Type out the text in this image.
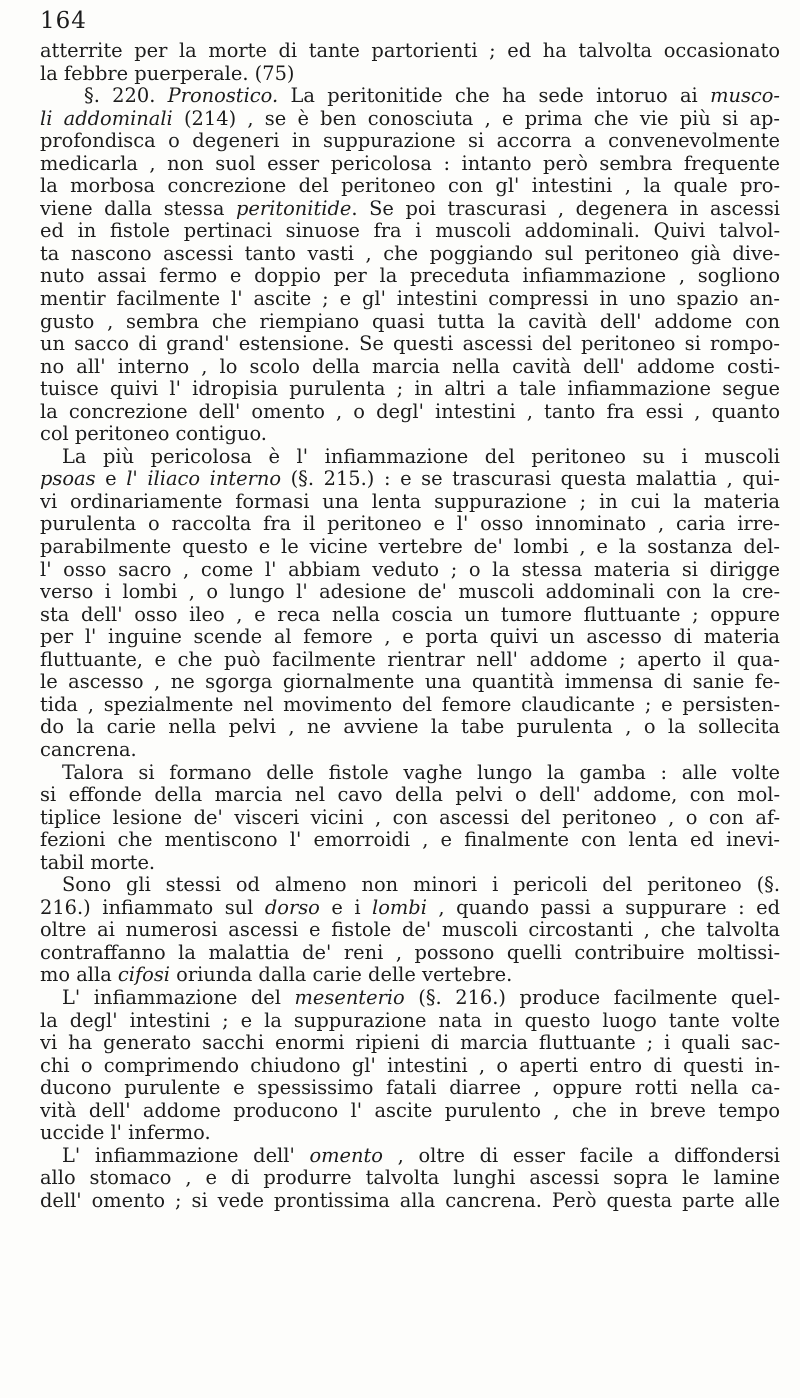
164
atterrite per la morte di tante partorienti ; ed ha talvolta occasionato
la febbre puerperale. (75)
§. 220. Pronostico. La peritonitide che ha sede intoruo ai musco-
li addominali (214) , se è ben conosciuta , e prima che vie più si ap-
profondisca o degeneri in suppurazione si accorra a convenevolmente
medicarla , non suol esser pericolosa : intanto però sembra frequente
la morbosa concrezione del peritoneo con gl' intestini , la quale pro-
viene dalla stessa peritonitide. Se poi trascurasi , degenera in ascessi
ed in fistole pertinaci sinuose fra i muscoli addominali. Quivi talvol-
ta nascono ascessi tanto vasti , che poggiando sul peritoneo già dive-
nuto assai fermo e doppio per la preceduta infiammazione , sogliono
mentir facilmente l' ascite ; e gl' intestini compressi in uno spazio an-
gusto , sembra che riempiano quasi tutta la cavità dell' addome con
un sacco di grand' estensione. Se questi ascessi del peritoneo si rompo-
no all' interno , lo scolo della marcia nella cavità dell' addome costi-
tuisce quivi l' idropisia purulenta ; in altri a tale infiammazione segue
la concrezione dell' omento , o degl' intestini , tanto fra essi , quanto
col peritoneo contiguo.
La più pericolosa è l' infiammazione del peritoneo su i muscoli
psoas e l' iliaco interno (§. 215.) : e se trascurasi questa malattia , qui-
vi ordinariamente formasi una lenta suppurazione ; in cui la materia
purulenta o raccolta fra il peritoneo e l' osso innominato , caria irre-
parabilmente questo e le vicine vertebre de' lombi , e la sostanza del-
l' osso sacro , come l' abbiam veduto ; o la stessa materia si dirigge
verso i lombi , o lungo l' adesione de' muscoli addominali con la cre-
sta dell' osso ileo , e reca nella coscia un tumore fluttuante ; oppure
per l' inguine scende al femore , e porta quivi un ascesso di materia
fluttuante, e che può facilmente rientrar nell' addome ; aperto il qua-
le ascesso , ne sgorga giornalmente una quantità immensa di sanie fe-
tida , spezialmente nel movimento del femore claudicante ; e persisten-
do la carie nella pelvi , ne avviene la tabe purulenta , o la sollecita
cancrena.
Talora si formano delle fistole vaghe lungo la gamba : alle volte
si effonde della marcia nel cavo della pelvi o dell' addome, con mol-
tiplice lesione de' visceri vicini , con ascessi del peritoneo , o con af-
fezioni che mentiscono l' emorroidi , e finalmente con lenta ed inevi-
tabil morte.
Sono gli stessi od almeno non minori i pericoli del peritoneo (§.
216.) infiammato sul dorso e i lombi , quando passi a suppurare : ed
oltre ai numerosi ascessi e fistole de' muscoli circostanti , che talvolta
contraffanno la malattia de' reni , possono quelli contribuire moltissi-
mo alla cifosi oriunda dalla carie delle vertebre.
L' infiammazione del mesenterio (§. 216.) produce facilmente quel-
la degl' intestini ; e la suppurazione nata in questo luogo tante volte
vi ha generato sacchi enormi ripieni di marcia fluttuante ; i quali sac-
chi o comprimendo chiudono gl' intestini , o aperti entro di questi in-
ducono purulente e spessissimo fatali diarree , oppure rotti nella ca-
vità dell' addome producono l' ascite purulento , che in breve tempo
uccide l' infermo.
L' infiammazione dell' omento , oltre di esser facile a diffondersi
allo stomaco , e di produrre talvolta lunghi ascessi sopra le lamine
dell' omento ; si vede prontissima alla cancrena. Però questa parte alle
